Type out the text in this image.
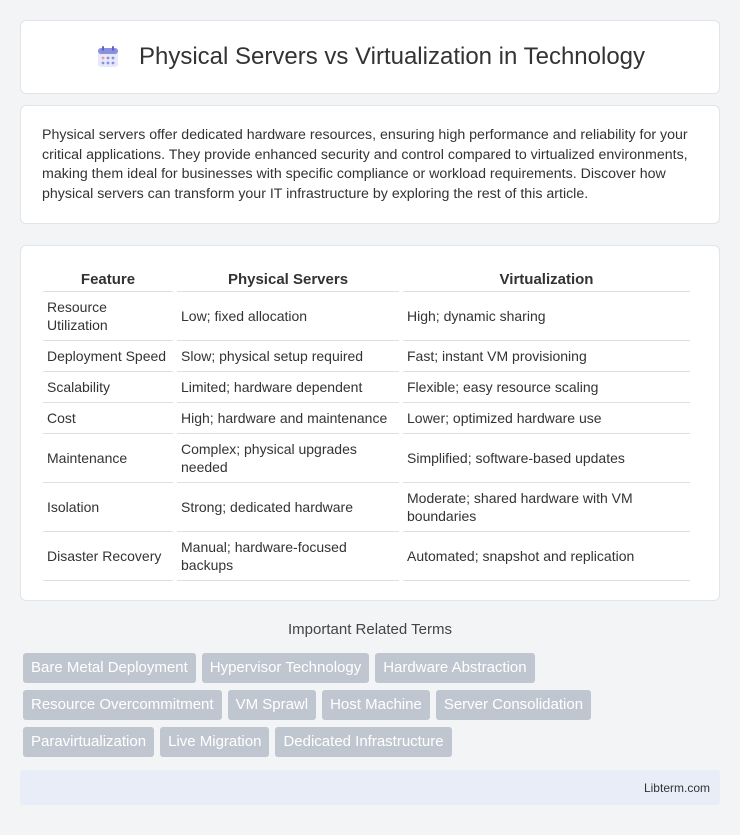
Physical Servers vs Virtualization in Technology

Physical servers offer dedicated hardware resources, ensuring high performance and reliability for your critical applications. They provide enhanced security and control compared to virtualized environments, making them ideal for businesses with specific compliance or workload requirements. Discover how physical servers can transform your IT infrastructure by exploring the rest of this article.

Feature	Physical Servers	Virtualization
Resource Utilization	Low; fixed allocation	High; dynamic sharing
Deployment Speed	Slow; physical setup required	Fast; instant VM provisioning
Scalability	Limited; hardware dependent	Flexible; easy resource scaling
Cost	High; hardware and maintenance	Lower; optimized hardware use
Maintenance	Complex; physical upgrades needed	Simplified; software-based updates
Isolation	Strong; dedicated hardware	Moderate; shared hardware with VM boundaries
Disaster Recovery	Manual; hardware-focused backups	Automated; snapshot and replication
Important Related Terms
Bare Metal Deployment	Hypervisor Technology	Hardware Abstraction
Resource Overcommitment	VM Sprawl	Host Machine	Server Consolidation
Paravirtualization	Live Migration	Dedicated Infrastructure
Libterm.com
